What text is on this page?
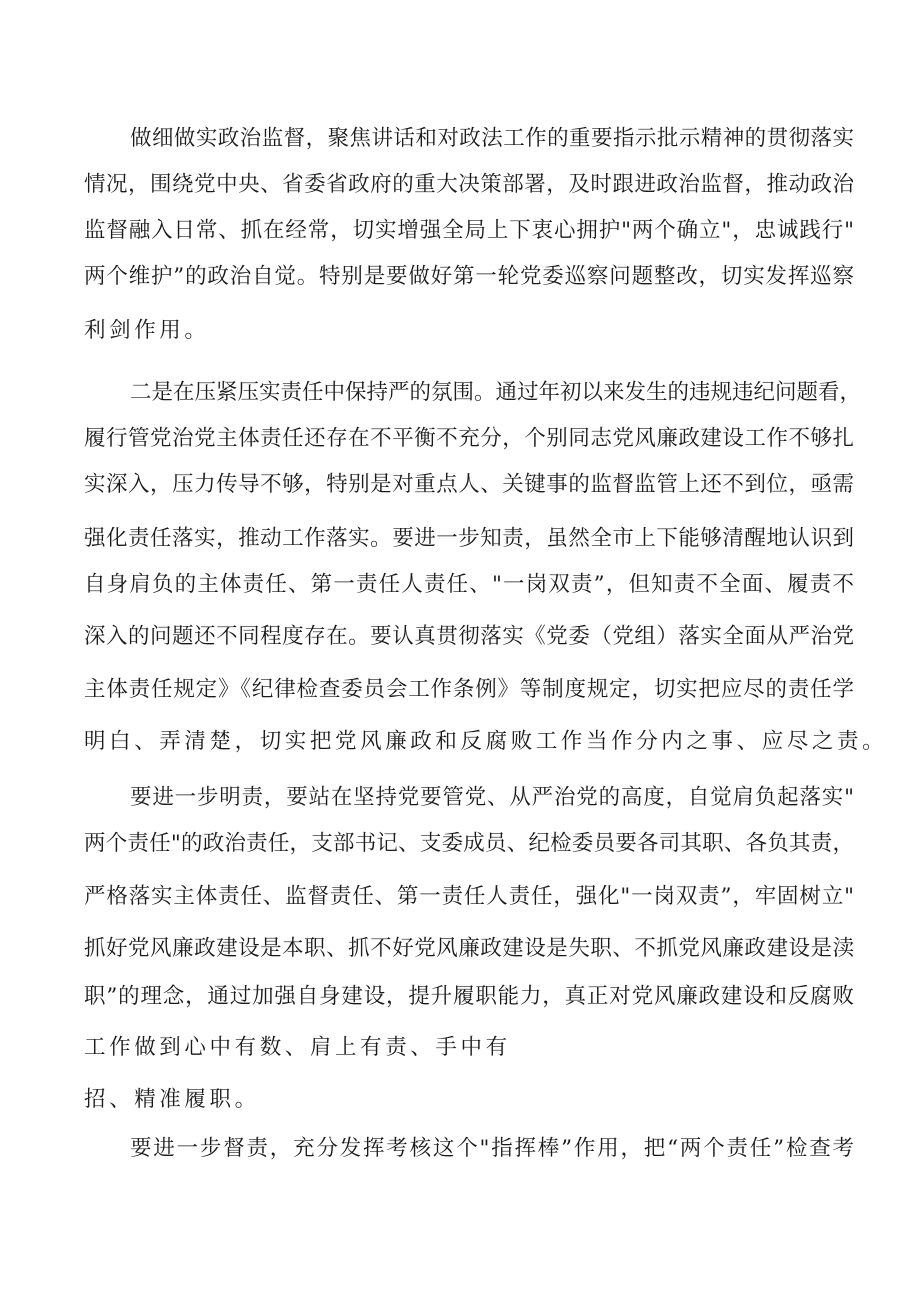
做细做实政治监督，聚焦讲话和对政法工作的重要指示批示精神的贯彻落实
情况，围绕党中央、省委省政府的重大决策部署，及时跟进政治监督，推动政治
监督融入日常、抓在经常，切实增强全局上下衷心拥护"两个确立"，忠诚践行"
两个维护”的政治自觉。特别是要做好第一轮党委巡察问题整改，切实发挥巡察
利剑作用。
二是在压紧压实责任中保持严的氛围。通过年初以来发生的违规违纪问题看，
履行管党治党主体责任还存在不平衡不充分，个别同志党风廉政建设工作不够扎
实深入，压力传导不够，特别是对重点人、关键事的监督监管上还不到位，亟需
强化责任落实，推动工作落实。要进一步知责，虽然全市上下能够清醒地认识到
自身肩负的主体责任、第一责任人责任、"一岗双责”，但知责不全面、履责不
深入的问题还不同程度存在。要认真贯彻落实《党委（党组）落实全面从严治党
主体责任规定》《纪律检查委员会工作条例》等制度规定，切实把应尽的责任学
明白、弄清楚，切实把党风廉政和反腐败工作当作分内之事、应尽之责。
要进一步明责，要站在坚持党要管党、从严治党的高度，自觉肩负起落实"
两个责任"的政治责任，支部书记、支委成员、纪检委员要各司其职、各负其责，
严格落实主体责任、监督责任、第一责任人责任，强化"一岗双责”，牢固树立"
抓好党风廉政建设是本职、抓不好党风廉政建设是失职、不抓党风廉政建设是渎
职”的理念，通过加强自身建设，提升履职能力，真正对党风廉政建设和反腐败
工作做到心中有数、肩上有责、手中有
招、精准履职。
要进一步督责，充分发挥考核这个"指挥棒”作用，把“两个责任”检查考
